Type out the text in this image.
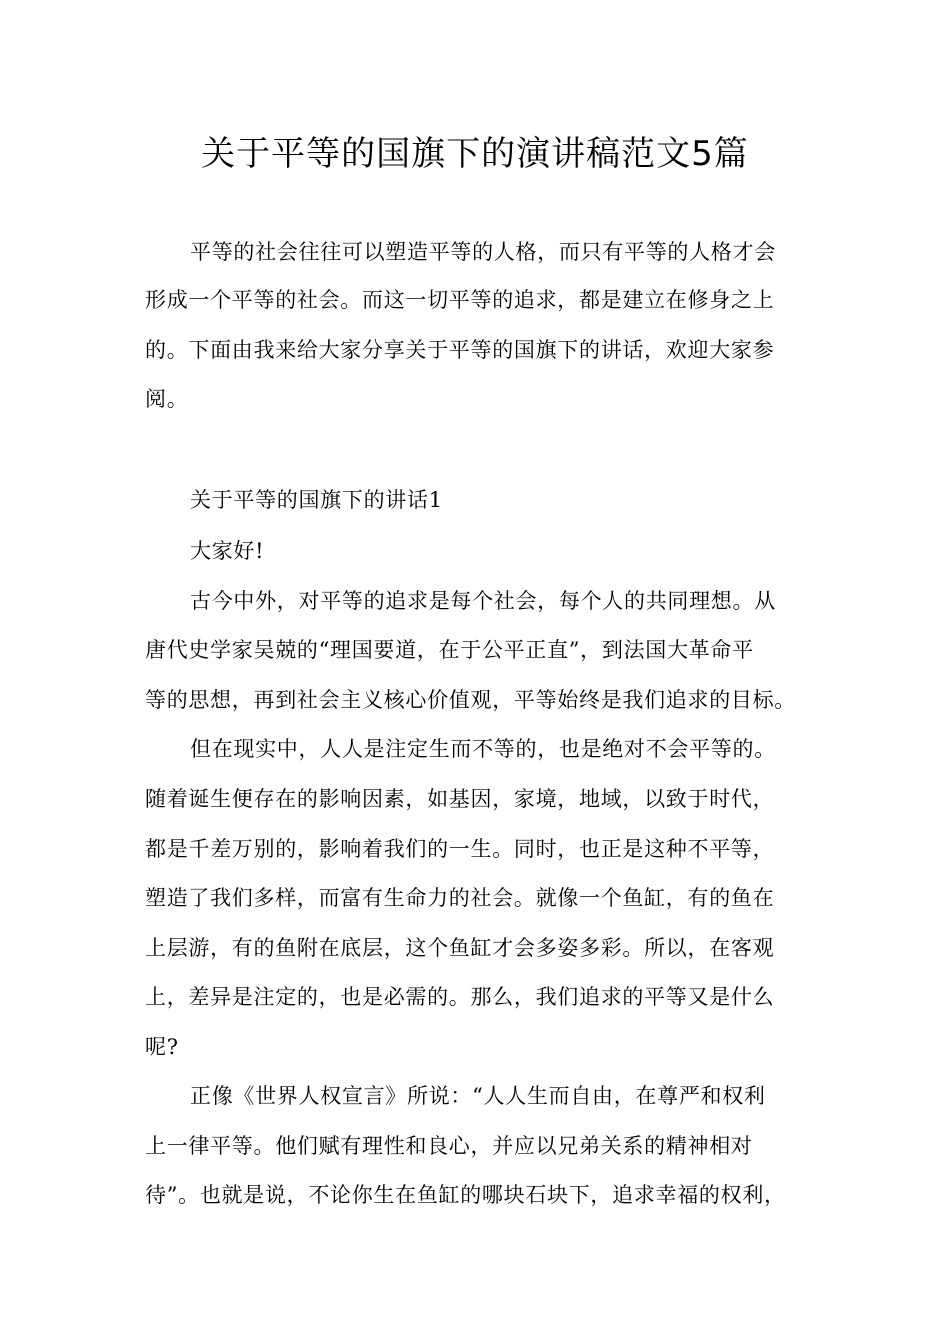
关于平等的国旗下的演讲稿范文5篇

平等的社会往往可以塑造平等的人格，而只有平等的人格才会

形成一个平等的社会。而这一切平等的追求，都是建立在修身之上

的。下面由我来给大家分享关于平等的国旗下的讲话，欢迎大家参

阅。

关于平等的国旗下的讲话1

大家好!

古今中外，对平等的追求是每个社会，每个人的共同理想。从

唐代史学家吴兢的“理国要道，在于公平正直”，到法国大革命平

等的思想，再到社会主义核心价值观，平等始终是我们追求的目标。

但在现实中，人人是注定生而不等的，也是绝对不会平等的。

随着诞生便存在的影响因素，如基因，家境，地域，以致于时代，

都是千差万别的，影响着我们的一生。同时，也正是这种不平等，

塑造了我们多样，而富有生命力的社会。就像一个鱼缸，有的鱼在

上层游，有的鱼附在底层，这个鱼缸才会多姿多彩。所以，在客观

上，差异是注定的，也是必需的。那么，我们追求的平等又是什么

呢?

正像《世界人权宣言》所说：“人人生而自由，在尊严和权利

上一律平等。他们赋有理性和良心，并应以兄弟关系的精神相对

待”。也就是说，不论你生在鱼缸的哪块石块下，追求幸福的权利，
